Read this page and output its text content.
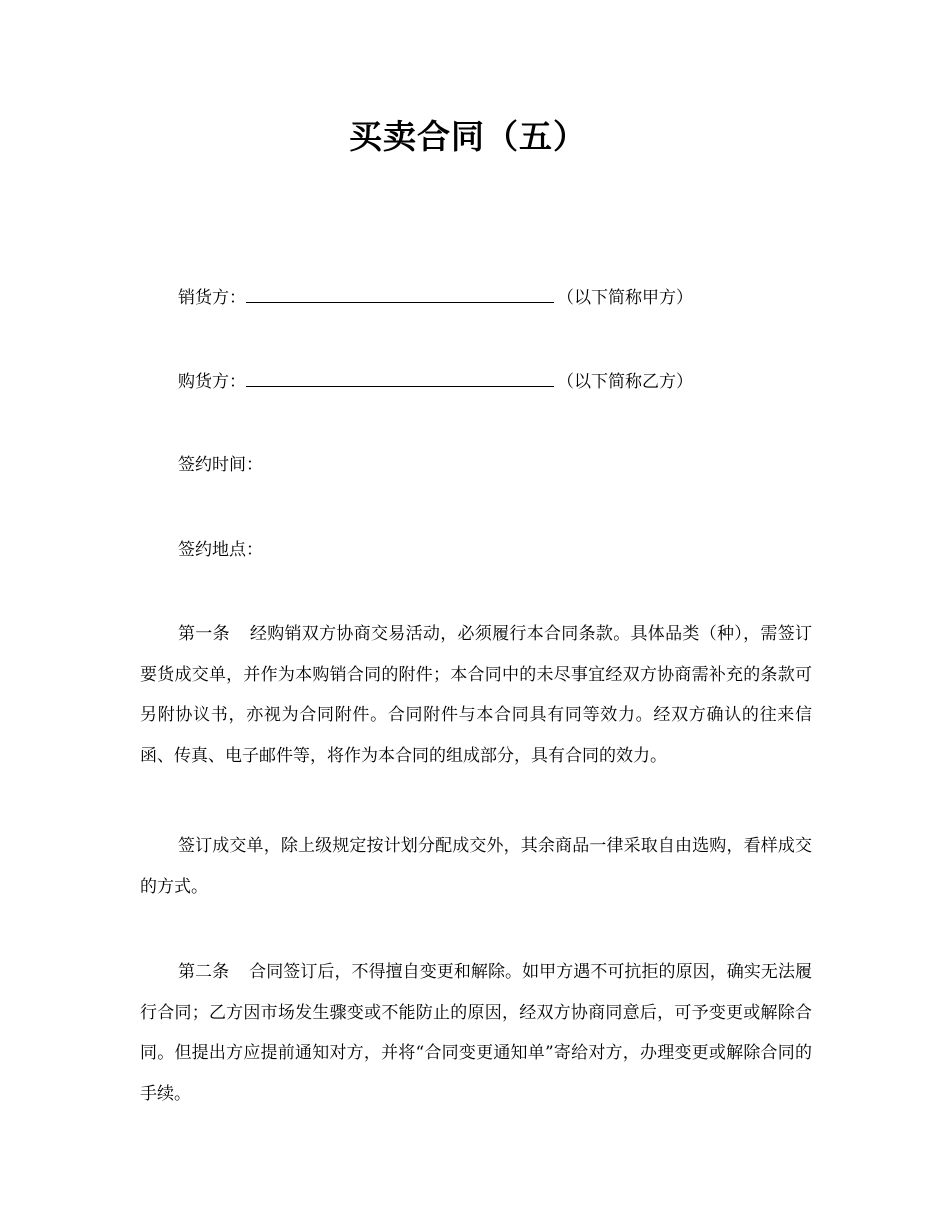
买卖合同（五）
销货方：	（以下简称甲方）
购货方：	（以下简称乙方）
签约时间：
签约地点：

第一条 经购销双方协商交易活动，必须履行本合同条款。具体品类（种），需签订要货成交单，并作为本购销合同的附件；本合同中的未尽事宜经双方协商需补充的条款可另附协议书，亦视为合同附件。合同附件与本合同具有同等效力。经双方确认的往来信函、传真、电子邮件等，将作为本合同的组成部分，具有合同的效力。

签订成交单，除上级规定按计划分配成交外，其余商品一律采取自由选购，看样成交的方式。

第二条 合同签订后，不得擅自变更和解除。如甲方遇不可抗拒的原因，确实无法履行合同；乙方因市场发生骤变或不能防止的原因，经双方协商同意后，可予变更或解除合同。但提出方应提前通知对方，并将“合同变更通知单”寄给对方，办理变更或解除合同的手续。
